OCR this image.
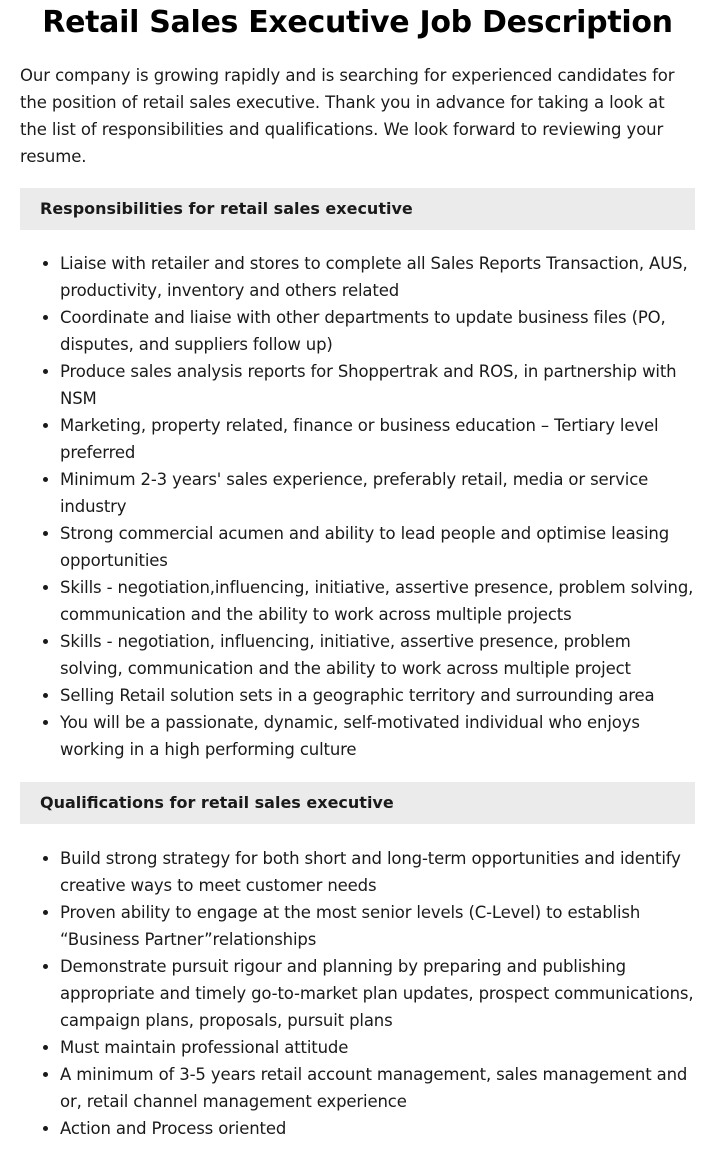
Retail Sales Executive Job Description

Our company is growing rapidly and is searching for experienced candidates for the position of retail sales executive. Thank you in advance for taking a look at the list of responsibilities and qualifications. We look forward to reviewing your resume.

Responsibilities for retail sales executive
• Liaise with retailer and stores to complete all Sales Reports Transaction, AUS, productivity, inventory and others related
• Coordinate and liaise with other departments to update business files (PO, disputes, and suppliers follow up)
• Produce sales analysis reports for Shoppertrak and ROS, in partnership with NSM
• Marketing, property related, finance or business education – Tertiary level preferred
• Minimum 2-3 years' sales experience, preferably retail, media or service industry
• Strong commercial acumen and ability to lead people and optimise leasing opportunities
• Skills - negotiation,influencing, initiative, assertive presence, problem solving, communication and the ability to work across multiple projects
• Skills - negotiation, influencing, initiative, assertive presence, problem solving, communication and the ability to work across multiple project
• Selling Retail solution sets in a geographic territory and surrounding area
• You will be a passionate, dynamic, self-motivated individual who enjoys working in a high performing culture
Qualifications for retail sales executive
• Build strong strategy for both short and long-term opportunities and identify creative ways to meet customer needs
• Proven ability to engage at the most senior levels (C-Level) to establish “Business Partner”relationships
• Demonstrate pursuit rigour and planning by preparing and publishing appropriate and timely go-to-market plan updates, prospect communications, campaign plans, proposals, pursuit plans
• Must maintain professional attitude
• A minimum of 3-5 years retail account management, sales management and or, retail channel management experience
• Action and Process oriented
